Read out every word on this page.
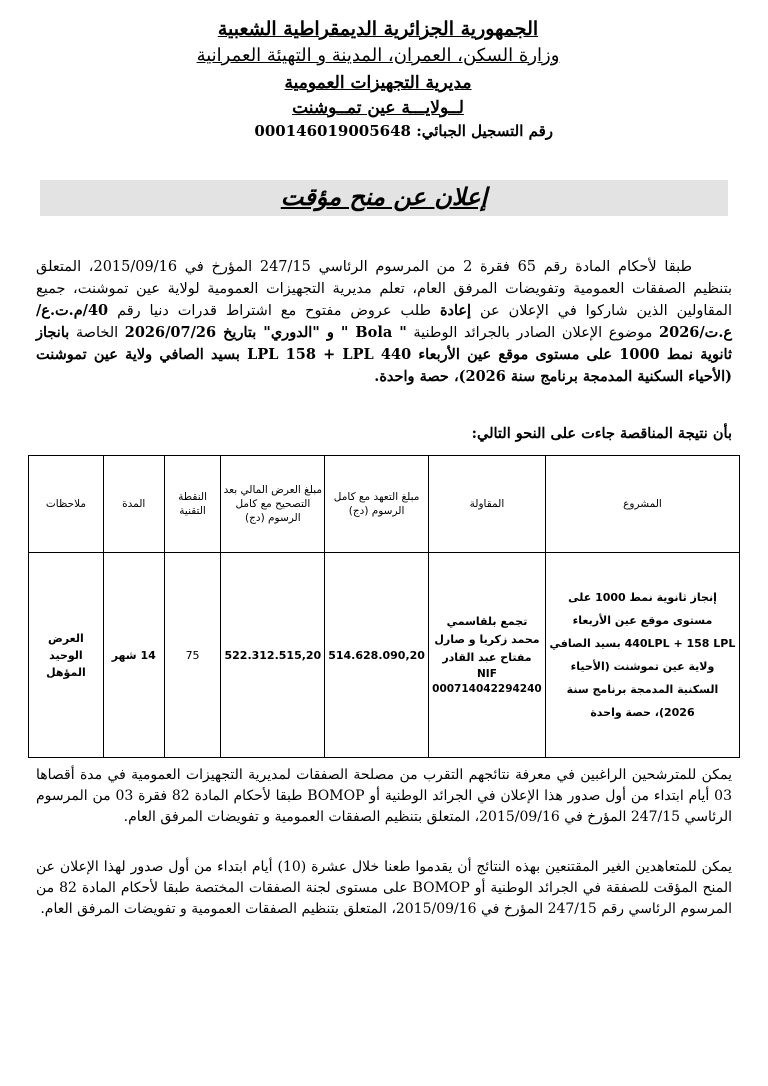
الجمهورية الجزائرية الديمقراطية الشعبية
وزارة السكن، العمران، المدينة و التهيئة العمرانية
مديرية التجهيزات العمومية
لــولايـــة عين تمــوشنت
رقم التسجيل الجبائي: 000146019005648
إعلان عن منح مؤقت
طبقا لأحكام المادة رقم 65 فقرة 2 من المرسوم الرئاسي 247/15 المؤرخ في 2015/09/16، المتعلق بتنظيم الصفقات العمومية وتفويضات المرفق العام، تعلم مديرية التجهيزات العمومية لولاية عين تموشنت، جميع المقاولين الذين شاركوا في الإعلان عن إعادة طلب عروض مفتوح مع اشتراط قدرات دنيا رقم 40/م.ت.ع/ع.ت/2026 موضوع الإعلان الصادر بالجرائد الوطنية " Bola " و "الدوري" بتاريخ 2026/07/26 الخاصة بانجاز ثانوية نمط 1000 على مستوى موقع عين الأربعاء LPL 158 + LPL 440 بسيد الصافي ولاية عين تموشنت (الأحياء السكنية المدمجة برنامج سنة 2026)، حصة واحدة.
بأن نتيجة المناقصة جاءت على النحو التالي:
المشروع	المقاولة	مبلغ التعهد مع كامل الرسوم (دج)	مبلغ العرض المالي بعد التصحيح مع كامل الرسوم (دج)	النقطة التقنية	المدة	ملاحظات
إنجاز ثانوية نمط 1000 على مستوى موقع عين الأربعاء 440LPL + 158 LPL بسيد الصافي ولاية عين تموشنت (الأحياء السكنية المدمجة برنامج سنة 2026)، حصة واحدة	تجمع بلقاسمي محمد زكريا و صارل مفتاح عبد القادر
NIF
000714042294240	514.628.090,20	522.312.515,20	75	14 شهر	العرض الوحيد المؤهل
يمكن للمترشحين الراغبين في معرفة نتائجهم التقرب من مصلحة الصفقات لمديرية التجهيزات العمومية في مدة أقصاها 03 أيام ابتداء من أول صدور هذا الإعلان في الجرائد الوطنية أو BOMOP طبقا لأحكام المادة 82 فقرة 03 من المرسوم الرئاسي 247/15 المؤرخ في 2015/09/16، المتعلق بتنظيم الصفقات العمومية و تفويضات المرفق العام.
يمكن للمتعاهدين الغير المقتنعين بهذه النتائج أن يقدموا طعنا خلال عشرة (10) أيام ابتداء من أول صدور لهذا الإعلان عن المنح المؤقت للصفقة في الجرائد الوطنية أو BOMOP على مستوى لجنة الصفقات المختصة طبقا لأحكام المادة 82 من المرسوم الرئاسي رقم 247/15 المؤرخ في 2015/09/16، المتعلق بتنظيم الصفقات العمومية و تفويضات المرفق العام.
